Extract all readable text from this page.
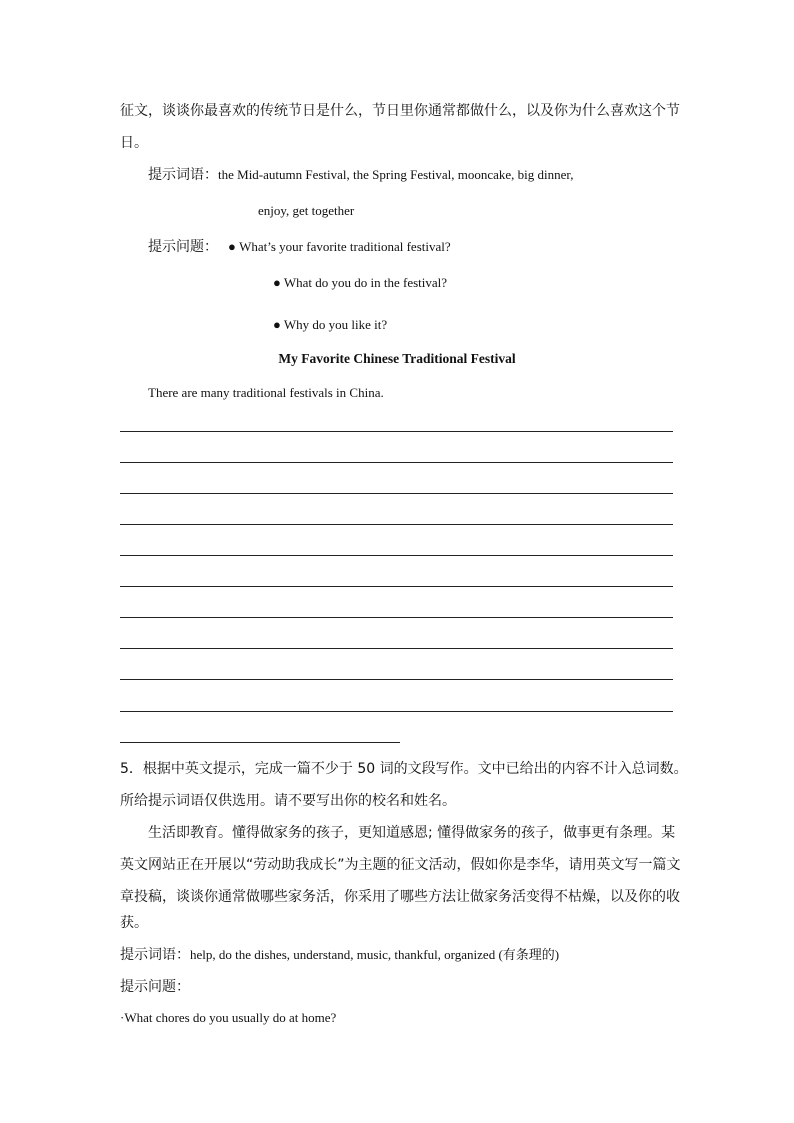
征文，谈谈你最喜欢的传统节日是什么，节日里你通常都做什么，以及你为什么喜欢这个节
日。
提示词语：the Mid-autumn Festival, the Spring Festival, mooncake, big dinner,
enjoy, get together
提示问题： ● What’s your favorite traditional festival?
● What do you do in the festival?
● Why do you like it?
My Favorite Chinese Traditional Festival
There are many traditional festivals in China.
5．根据中英文提示，完成一篇不少于 50 词的文段写作。文中已给出的内容不计入总词数。
所给提示词语仅供选用。请不要写出你的校名和姓名。
生活即教育。懂得做家务的孩子，更知道感恩; 懂得做家务的孩子，做事更有条理。某
英文网站正在开展以“劳动助我成长”为主题的征文活动，假如你是李华，请用英文写一篇文
章投稿，谈谈你通常做哪些家务活，你采用了哪些方法让做家务活变得不枯燥，以及你的收
获。
提示词语：help, do the dishes, understand, music, thankful, organized (有条理的)
提示问题：
·What chores do you usually do at home?
